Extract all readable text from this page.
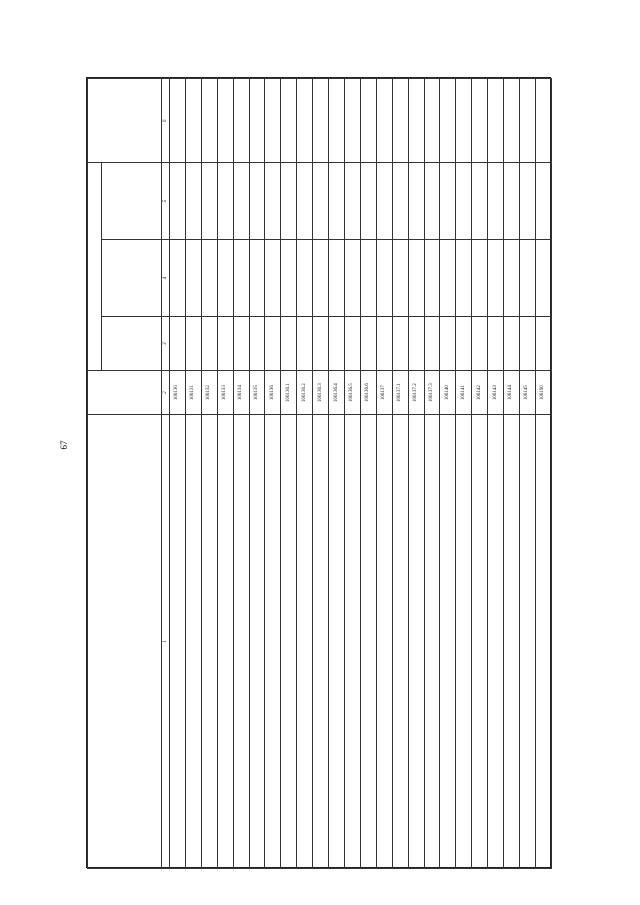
67

1	2	3	4	5	6
	106130				
	106131				
	106132				
	106133				
	106134				
	106135				
	106136				
	106136.1				
	106136.2				
	106136.3				
	106136.4				
	106136.5				
	106136.6				
	106137				
	106137.1				
	106137.2				
	106137.3				
	106140				
	106141				
	106142				
	106143				
	106144				
	106145				
	106190				
